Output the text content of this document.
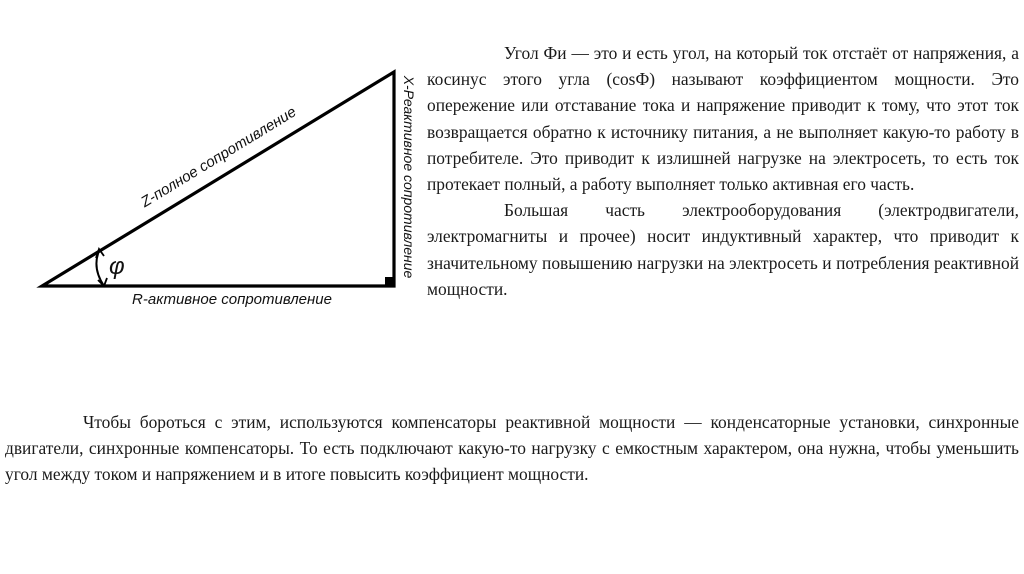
φ
Z-полное сопротивление	X-Реактивное сопротивление
R-активное сопротивление

Угол Фи — это и есть угол, на который ток отстаёт от напряжения, а косинус этого угла (cosФ) называют коэффициентом мощности. Это опережение или отставание тока и напряжение приводит к тому, что этот ток возвращается обратно к источнику питания, а не выполняет какую-то работу в потребителе. Это приводит к излишней нагрузке на электросеть, то есть ток протекает полный, а работу выполняет только активная его часть.

Большая часть электрооборудования (электродвигатели, электромагниты и прочее) носит индуктивный характер, что приводит к значительному повышению нагрузки на электросеть и потребления реактивной мощности.

Чтобы бороться с этим, используются компенсаторы реактивной мощности — конденсаторные установки, синхронные двигатели, синхронные компенсаторы. То есть подключают какую-то нагрузку с емкостным характером, она нужна, чтобы уменьшить угол между током и напряжением и в итоге повысить коэффициент мощности.
